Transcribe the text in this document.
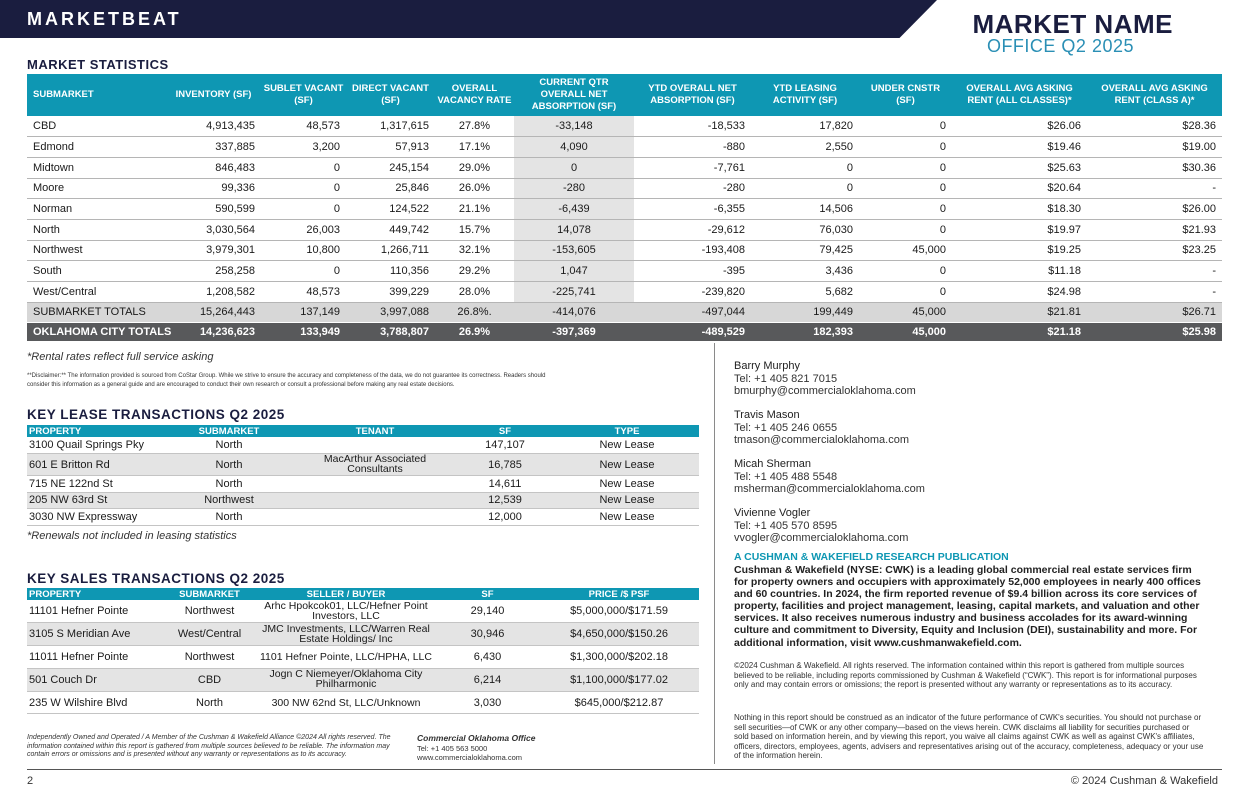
MARKETBEAT	MARKET NAME
OFFICE Q2 2025
MARKET STATISTICS
SUBMARKET	INVENTORY (SF)	SUBLET VACANT (SF)	DIRECT VACANT (SF)	OVERALL VACANCY RATE	CURRENT QTR OVERALL NET ABSORPTION (SF)	YTD OVERALL NET ABSORPTION (SF)	YTD LEASING ACTIVITY (SF)	UNDER CNSTR (SF)	OVERALL AVG ASKING RENT (ALL CLASSES)*	OVERALL AVG ASKING RENT (CLASS A)*
CBD	4,913,435	48,573	1,317,615	27.8%	-33,148	-18,533	17,820	0	$26.06	$28.36
Edmond	337,885	3,200	57,913	17.1%	4,090	-880	2,550	0	$19.46	$19.00
Midtown	846,483	0	245,154	29.0%	0	-7,761	0	0	$25.63	$30.36
Moore	99,336	0	25,846	26.0%	-280	-280	0	0	$20.64	-
Norman	590,599	0	124,522	21.1%	-6,439	-6,355	14,506	0	$18.30	$26.00
North	3,030,564	26,003	449,742	15.7%	14,078	-29,612	76,030	0	$19.97	$21.93
Northwest	3,979,301	10,800	1,266,711	32.1%	-153,605	-193,408	79,425	45,000	$19.25	$23.25
South	258,258	0	110,356	29.2%	1,047	-395	3,436	0	$11.18	-
West/Central	1,208,582	48,573	399,229	28.0%	-225,741	-239,820	5,682	0	$24.98	-
SUBMARKET TOTALS	15,264,443	137,149	3,997,088	26.8%.	-414,076	-497,044	199,449	45,000	$21.81	$26.71
OKLAHOMA CITY TOTALS	14,236,623	133,949	3,788,807	26.9%	-397,369	-489,529	182,393	45,000	$21.18	$25.98
*Rental rates reflect full service asking
**Disclaimer:** The information provided is sourced from CoStar Group. While we strive to ensure the accuracy and completeness of the data, we do not guarantee its correctness. Readers should consider this information as a general guide and are encouraged to conduct their own research or consult a professional before making any real estate decisions.
KEY LEASE TRANSACTIONS Q2 2025
PROPERTY	SUBMARKET	TENANT	SF	TYPE
3100 Quail Springs Pky	North		147,107	New Lease
601 E Britton Rd	North	MacArthur Associated Consultants	16,785	New Lease
715 NE 122nd St	North		14,611	New Lease
205 NW 63rd St	Northwest		12,539	New Lease
3030 NW Expressway	North		12,000	New Lease
*Renewals not included in leasing statistics
KEY SALES TRANSACTIONS Q2 2025
PROPERTY	SUBMARKET	SELLER / BUYER	SF	PRICE /$ PSF
11101 Hefner Pointe	Northwest	Arhc Hpokcok01, LLC/Hefner Point Investors, LLC	29,140	$5,000,000/$171.59
3105 S Meridian Ave	West/Central	JMC Investments, LLC/Warren Real Estate Holdings/ Inc	30,946	$4,650,000/$150.26
11011 Hefner Pointe	Northwest	1101 Hefner Pointe, LLC/HPHA, LLC	6,430	$1,300,000/$202.18
501 Couch Dr	CBD	Jogn C Niemeyer/Oklahoma City Philharmonic	6,214	$1,100,000/$177.02
235 W Wilshire Blvd	North	300 NW 62nd St, LLC/Unknown	3,030	$645,000/$212.87
Barry Murphy
Tel: +1 405 821 7015
bmurphy@commercialoklahoma.com
Travis Mason
Tel: +1 405 246 0655
tmason@commercialoklahoma.com
Micah Sherman
Tel: +1 405 488 5548
msherman@commercialoklahoma.com
Vivienne Vogler
Tel: +1 405 570 8595
vvogler@commercialoklahoma.com
A CUSHMAN & WAKEFIELD RESEARCH PUBLICATION
Cushman & Wakefield (NYSE: CWK) is a leading global commercial real estate services firm for property owners and occupiers with approximately 52,000 employees in nearly 400 offices and 60 countries. In 2024, the firm reported revenue of $9.4 billion across its core services of property, facilities and project management, leasing, capital markets, and valuation and other services. It also receives numerous industry and business accolades for its award-winning culture and commitment to Diversity, Equity and Inclusion (DEI), sustainability and more. For additional information, visit www.cushmanwakefield.com.
©2024 Cushman & Wakefield. All rights reserved. The information contained within this report is gathered from multiple sources believed to be reliable, including reports commissioned by Cushman & Wakefield (“CWK”). This report is for informational purposes only and may contain errors or omissions; the report is presented without any warranty or representations as to its accuracy.
Nothing in this report should be construed as an indicator of the future performance of CWK's securities. You should not purchase or sell securities—of CWK or any other company—based on the views herein. CWK disclaims all liability for securities purchased or sold based on information herein, and by viewing this report, you waive all claims against CWK as well as against CWK's affiliates, officers, directors, employees, agents, advisers and representatives arising out of the accuracy, completeness, adequacy or your use of the information herein.
Independently Owned and Operated / A Member of the Cushman & Wakefield Alliance ©2024 All rights reserved. The information contained within this report is gathered from multiple sources believed to be reliable. The information may contain errors or omissions and is presented without any warranty or representations as to its accuracy.
Commercial Oklahoma Office
Tel: +1 405 563 5000
www.commercialoklahoma.com
2	© 2024 Cushman & Wakefield
